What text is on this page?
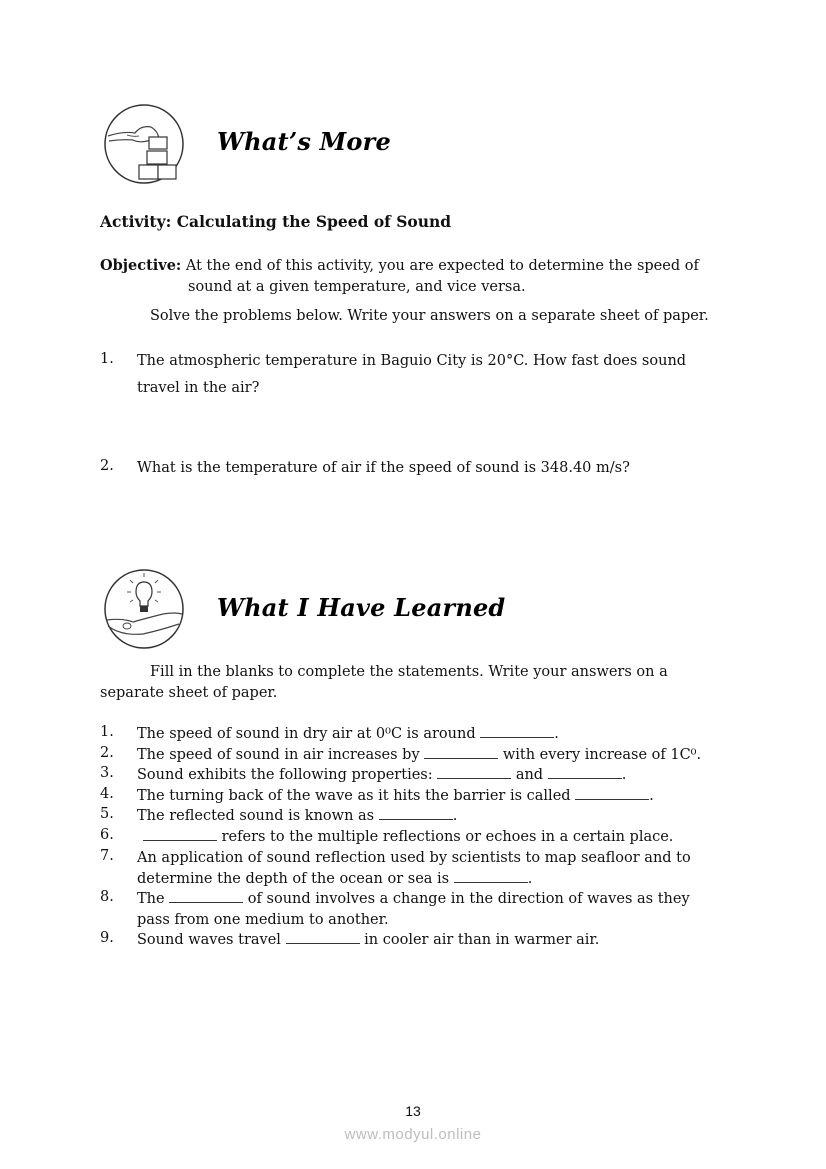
What’s More
Activity: Calculating the Speed of Sound
Objective: At the end of this activity, you are expected to determine the speed of
sound at a given temperature, and vice versa.
Solve the problems below. Write your answers on a separate sheet of paper.
1. The atmospheric temperature in Baguio City is 20°C. How fast does sound
travel in the air?
2. What is the temperature of air if the speed of sound is 348.40 m/s?
What I Have Learned
Fill in the blanks to complete the statements. Write your answers on a
separate sheet of paper.
1. The speed of sound in dry air at 0⁰C is around	.
2. The speed of sound in air increases by	with every increase of 1C⁰.
3. Sound exhibits the following properties:	and	.
4. The turning back of the wave as it hits the barrier is called	.
5. The reflected sound is known as	.
6.	refers to the multiple reflections or echoes in a certain place.
7. An application of sound reflection used by scientists to map seafloor and to
determine the depth of the ocean or sea is	.
8. The	of sound involves a change in the direction of waves as they
pass from one medium to another.
9. Sound waves travel	in cooler air than in warmer air.
13
www.modyul.online
